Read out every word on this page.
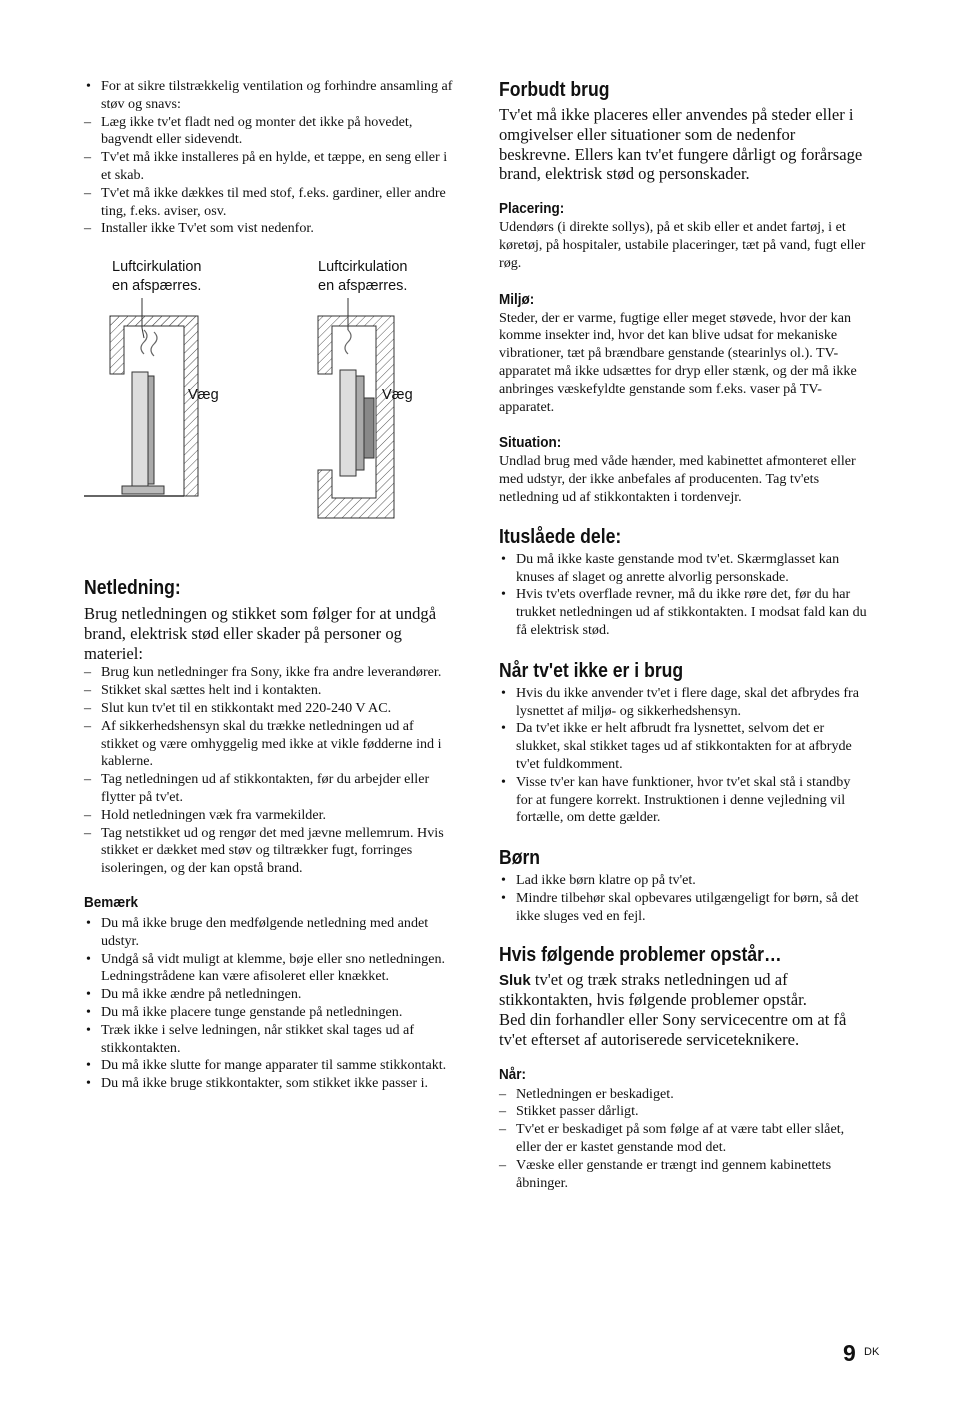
• For at sikre tilstrækkelig ventilation og forhindre ansamling af støv og snavs:
– Læg ikke tv'et fladt ned og monter det ikke på hovedet, bagvendt eller sidevendt.
– Tv'et må ikke installeres på en hylde, et tæppe, en seng eller i et skab.
– Tv'et må ikke dækkes til med stof, f.eks. gardiner, eller andre ting, f.eks. aviser, osv.
– Installer ikke Tv'et som vist nedenfor.
Luftcirkulation
en afspærres.
Luftcirkulation
en afspærres.
Væg	Væg
Netledning:

Brug netledningen og stikket som følger for at undgå brand, elektrisk stød eller skader på personer og materiel:

– Brug kun netledninger fra Sony, ikke fra andre leverandører.
– Stikket skal sættes helt ind i kontakten.
– Slut kun tv'et til en stikkontakt med 220-240 V AC.
– Af sikkerhedshensyn skal du trække netledningen ud af stikket og være omhyggelig med ikke at vikle fødderne ind i kablerne.
– Tag netledningen ud af stikkontakten, før du arbejder eller flytter på tv'et.
– Hold netledningen væk fra varmekilder.
– Tag netstikket ud og rengør det med jævne mellemrum. Hvis stikket er dækket med støv og tiltrækker fugt, forringes isoleringen, og der kan opstå brand.
Bemærk
• Du må ikke bruge den medfølgende netledning med andet udstyr.
• Undgå så vidt muligt at klemme, bøje eller sno netledningen. Ledningstrådene kan være afisoleret eller knækket.
• Du må ikke ændre på netledningen.
• Du må ikke placere tunge genstande på netledningen.
• Træk ikke i selve ledningen, når stikket skal tages ud af stikkontakten.
• Du må ikke slutte for mange apparater til samme stikkontakt.
• Du må ikke bruge stikkontakter, som stikket ikke passer i.
Forbudt brug

Tv'et må ikke placeres eller anvendes på steder eller i omgivelser eller situationer som de nedenfor beskrevne. Ellers kan tv'et fungere dårligt og forårsage brand, elektrisk stød og personskader.

Placering:

Udendørs (i direkte sollys), på et skib eller et andet fartøj, i et køretøj, på hospitaler, ustabile placeringer, tæt på vand, fugt eller røg.

Miljø:

Steder, der er varme, fugtige eller meget støvede, hvor der kan komme insekter ind, hvor det kan blive udsat for mekaniske vibrationer, tæt på brændbare genstande (stearinlys ol.). TV-apparatet må ikke udsættes for dryp eller stænk, og der må ikke anbringes væskefyldte genstande som f.eks. vaser på TV-apparatet.

Situation:

Undlad brug med våde hænder, med kabinettet afmonteret eller med udstyr, der ikke anbefales af producenten. Tag tv'ets netledning ud af stikkontakten i tordenvejr.

Ituslåede dele:
• Du må ikke kaste genstande mod tv'et. Skærmglasset kan knuses af slaget og anrette alvorlig personskade.
• Hvis tv'ets overflade revner, må du ikke røre det, før du har trukket netledningen ud af stikkontakten. I modsat fald kan du få elektrisk stød.
Når tv'et ikke er i brug
• Hvis du ikke anvender tv'et i flere dage, skal det afbrydes fra lysnettet af miljø- og sikkerhedshensyn.
• Da tv'et ikke er helt afbrudt fra lysnettet, selvom det er slukket, skal stikket tages ud af stikkontakten for at afbryde tv'et fuldkomment.
• Visse tv'er kan have funktioner, hvor tv'et skal stå i standby for at fungere korrekt. Instruktionen i denne vejledning vil fortælle, om dette gælder.
Børn
• Lad ikke børn klatre op på tv'et.
• Mindre tilbehør skal opbevares utilgængeligt for børn, så det ikke sluges ved en fejl.
Hvis følgende problemer opstår…

Sluk tv'et og træk straks netledningen ud af stikkontakten, hvis følgende problemer opstår.

Bed din forhandler eller Sony servicecentre om at få tv'et efterset af autoriserede serviceteknikere.

Når:
– Netledningen er beskadiget.
– Stikket passer dårligt.
– Tv'et er beskadiget på som følge af at være tabt eller slået, eller der er kastet genstande mod det.
– Væske eller genstande er trængt ind gennem kabinettets åbninger.
9 DK
